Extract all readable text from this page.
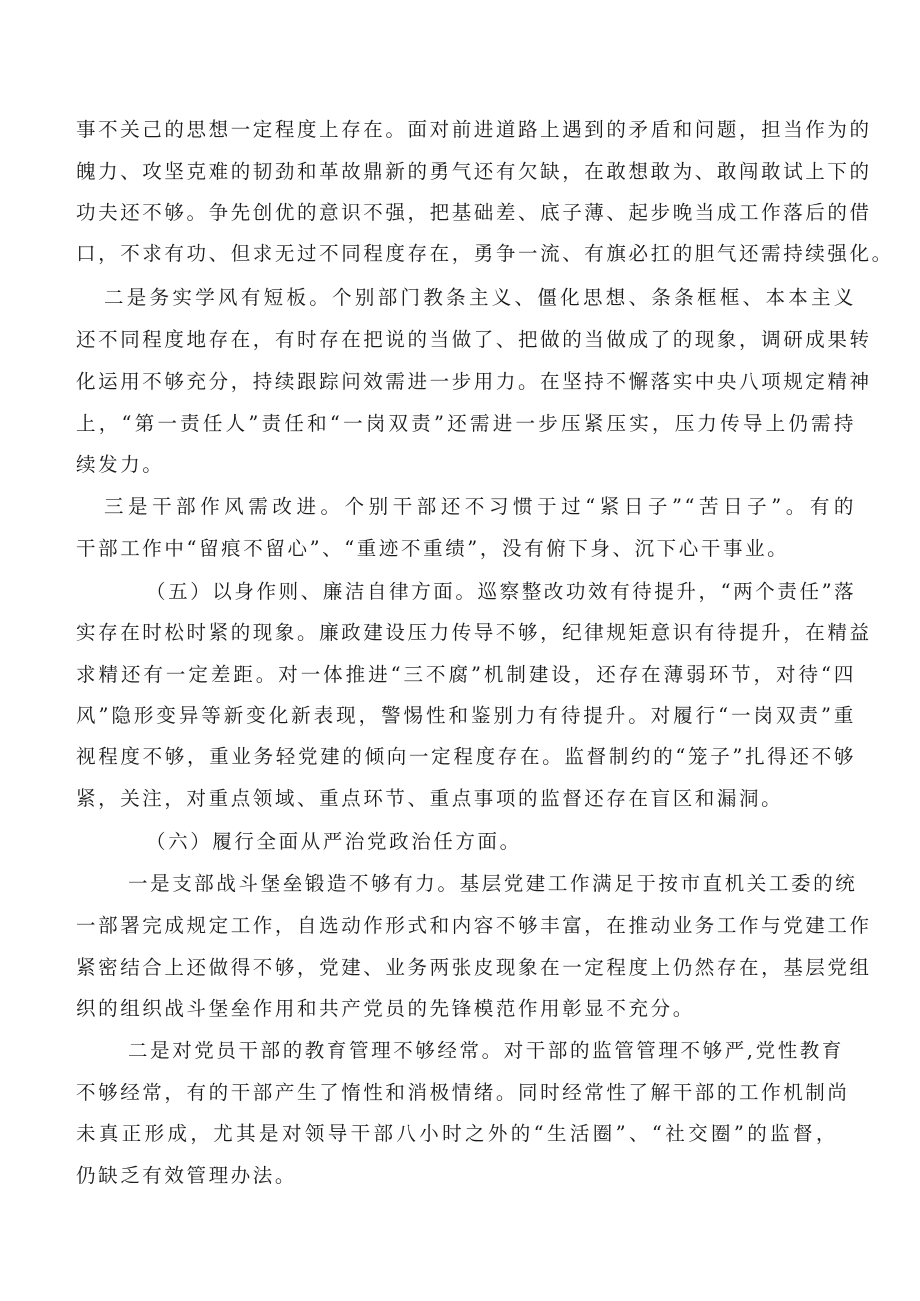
事不关己的思想一定程度上存在。面对前进道路上遇到的矛盾和问题，担当作为的
魄力、攻坚克难的韧劲和革故鼎新的勇气还有欠缺，在敢想敢为、敢闯敢试上下的
功夫还不够。争先创优的意识不强，把基础差、底子薄、起步晚当成工作落后的借
口，不求有功、但求无过不同程度存在，勇争一流、有旗必扛的胆气还需持续强化。
二是务实学风有短板。个别部门教条主义、僵化思想、条条框框、本本主义
还不同程度地存在，有时存在把说的当做了、把做的当做成了的现象，调研成果转
化运用不够充分，持续跟踪问效需进一步用力。在坚持不懈落实中央八项规定精神
上，“第一责任人”责任和“一岗双责”还需进一步压紧压实，压力传导上仍需持
续发力。
三是干部作风需改进。个别干部还不习惯于过“紧日子”“苦日子”。有的
干部工作中“留痕不留心”、“重迹不重绩”，没有俯下身、沉下心干事业。
（五）以身作则、廉洁自律方面。巡察整改功效有待提升，“两个责任”落
实存在时松时紧的现象。廉政建设压力传导不够，纪律规矩意识有待提升，在精益
求精还有一定差距。对一体推进“三不腐”机制建设，还存在薄弱环节，对待“四
风”隐形变异等新变化新表现，警惕性和鉴别力有待提升。对履行“一岗双责”重
视程度不够，重业务轻党建的倾向一定程度存在。监督制约的“笼子”扎得还不够
紧，关注，对重点领域、重点环节、重点事项的监督还存在盲区和漏洞。
（六）履行全面从严治党政治任方面。
一是支部战斗堡垒锻造不够有力。基层党建工作满足于按市直机关工委的统
一部署完成规定工作，自选动作形式和内容不够丰富，在推动业务工作与党建工作
紧密结合上还做得不够，党建、业务两张皮现象在一定程度上仍然存在，基层党组
织的组织战斗堡垒作用和共产党员的先锋模范作用彰显不充分。
二是对党员干部的教育管理不够经常。对干部的监管管理不够严,党性教育
不够经常，有的干部产生了惰性和消极情绪。同时经常性了解干部的工作机制尚
未真正形成，尤其是对领导干部八小时之外的“生活圈”、“社交圈”的监督，
仍缺乏有效管理办法。
